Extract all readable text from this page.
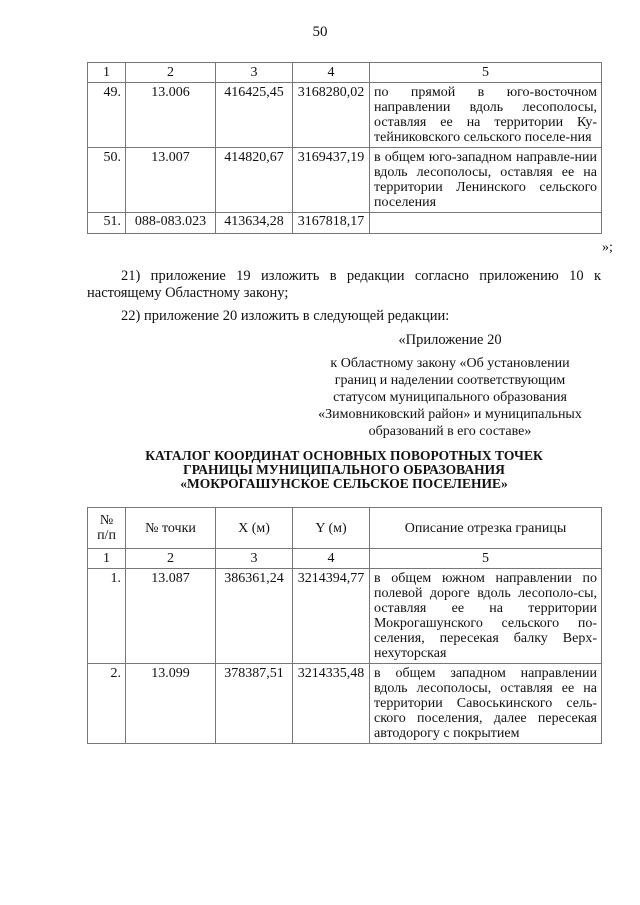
50
1	2	3	4	5
49.	13.006	416425,45	3168280,02	по прямой в юго-восточном направлении вдоль лесополосы, оставляя ее на территории Ку-тейниковского сельского поселе-ния
50.	13.007	414820,67	3169437,19	в общем юго-западном направле-нии вдоль лесополосы, оставляя ее на территории Ленинского сельского поселения
51.	088-083.023	413634,28	3167818,17	
»;
21) приложение 19 изложить в редакции согласно приложению 10 к настоящему Областному закону;
22) приложение 20 изложить в следующей редакции:
«Приложение 20
к Областному закону «Об установлении
границ и наделении соответствующим
статусом муниципального образования
«Зимовниковский район» и муниципальных
образований в его составе»
КАТАЛОГ КООРДИНАТ ОСНОВНЫХ ПОВОРОТНЫХ ТОЧЕК
ГРАНИЦЫ МУНИЦИПАЛЬНОГО ОБРАЗОВАНИЯ
«МОКРОГАШУНСКОЕ СЕЛЬСКОЕ ПОСЕЛЕНИЕ»
№
п/п	№ точки	X (м)	Y (м)	Описание отрезка границы
1	2	3	4	5
1.	13.087	386361,24	3214394,77	в общем южном направлении по полевой дороге вдоль лесополо-сы, оставляя ее на территории Мокрогашунского сельского по-селения, пересекая балку Верх-нехуторская
2.	13.099	378387,51	3214335,48	в общем западном направлении вдоль лесополосы, оставляя ее на территории Савоськинского сель-ского поселения, далее пересекая автодорогу с покрытием
